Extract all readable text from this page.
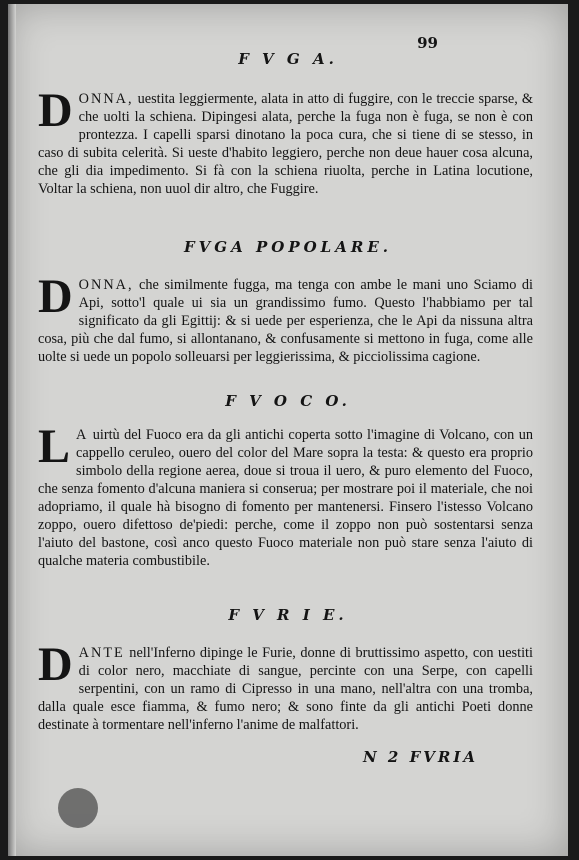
99
F V G A.
DONNA, uestita leggiermente, alata in atto di fuggire, con le treccie sparse, & che uolti la schiena. Dipingesi alata, perche la fuga non è fuga, se non è con prontezza. I capelli sparsi dinotano la poca cura, che si tiene di se stesso, in caso di subita celerità. Si ueste d'habito leggiero, perche non deue hauer cosa alcuna, che gli dia impedimento. Si fà con la schiena riuolta, perche in Latina locutione, Voltar la schiena, non uuol dir altro, che Fuggire.
FVGA POPOLARE.
DONNA, che similmente fugga, ma tenga con ambe le mani uno Sciamo di Api, sotto'l quale ui sia un grandissimo fumo. Questo l'habbiamo per tal significato da gli Egittij: & si uede per esperienza, che le Api da nissuna altra cosa, più che dal fumo, si allontanano, & confusamente si mettono in fuga, come alle uolte si uede un popolo solleuarsi per leggierissima, & picciolissima cagione.
F V O C O.
L A uirtù del Fuoco era da gli antichi coperta sotto l'imagine di Volcano, con un cappello ceruleo, ouero del color del Mare sopra la testa: & questo era proprio simbolo della regione aerea, doue si troua il uero, & puro elemento del Fuoco, che senza fomento d'alcuna maniera si conserua; per mostrare poi il materiale, che noi adopriamo, il quale hà bisogno di fomento per mantenersi. Finsero l'istesso Volcano zoppo, ouero difettoso de'piedi: perche, come il zoppo non può sostentarsi senza l'aiuto del bastone, così anco questo Fuoco materiale non può stare senza l'aiuto di qualche materia combustibile.
F V R I E.
DANTE nell'Inferno dipinge le Furie, donne di bruttissimo aspetto, con uestiti di color nero, macchiate di sangue, percinte con una Serpe, con capelli serpentini, con un ramo di Cipresso in una mano, nell'altra con una tromba, dalla quale esce fiamma, & fumo nero; & sono finte da gli antichi Poeti donne destinate à tormentare nell'inferno l'anime de malfattori.
N 2 FVRIA
